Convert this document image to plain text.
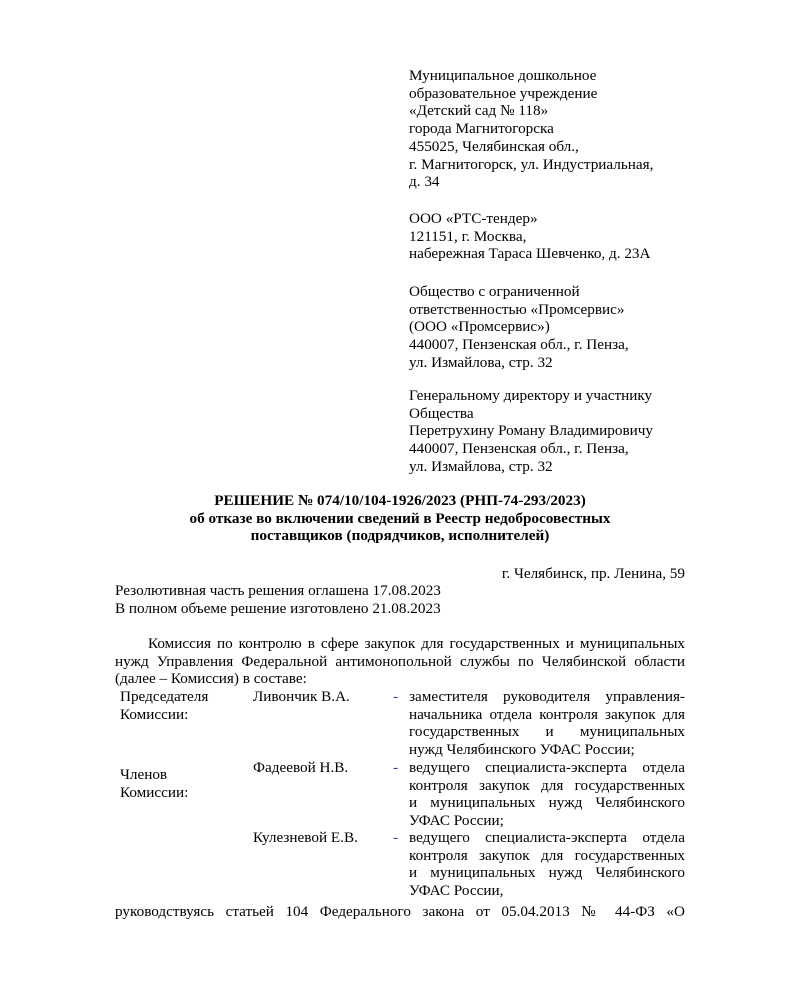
Муниципальное дошкольное
образовательное учреждение
«Детский сад № 118»
города Магнитогорска
455025, Челябинская обл.,
г. Магнитогорск, ул. Индустриальная,
д. 34
ООО «РТС-тендер»
121151, г. Москва,
набережная Тараса Шевченко, д. 23А
Общество с ограниченной
ответственностью «Промсервис»
(ООО «Промсервис»)
440007, Пензенская обл., г. Пенза,
ул. Измайлова, стр. 32
Генеральному директору и участнику
Общества
Перетрухину Роману Владимировичу
440007, Пензенская обл., г. Пенза,
ул. Измайлова, стр. 32
РЕШЕНИЕ № 074/10/104-1926/2023 (РНП-74-293/2023)
об отказе во включении сведений в Реестр недобросовестных
поставщиков (подрядчиков, исполнителей)
г. Челябинск, пр. Ленина, 59
Резолютивная часть решения оглашена 17.08.2023
В полном объеме решение изготовлено 21.08.2023
Комиссия по контролю в сфере закупок для государственных и муниципальных
нужд Управления Федеральной антимонопольной службы по Челябинской области
(далее – Комиссия) в составе:
Председателя
Комиссии:
Ливончик В.А.	- заместителя руководителя управления-
начальника отдела контроля закупок для
государственных и муниципальных
нужд Челябинского УФАС России;
Членов
Комиссии:
Фадеевой Н.В.	- ведущего специалиста-эксперта отдела
контроля закупок для государственных
и муниципальных нужд Челябинского
УФАС России;
Кулезневой Е.В. - ведущего специалиста-эксперта отдела
контроля закупок для государственных
и муниципальных нужд Челябинского
УФАС России,
руководствуясь статьей 104 Федерального закона от 05.04.2013 № 44-ФЗ «О
